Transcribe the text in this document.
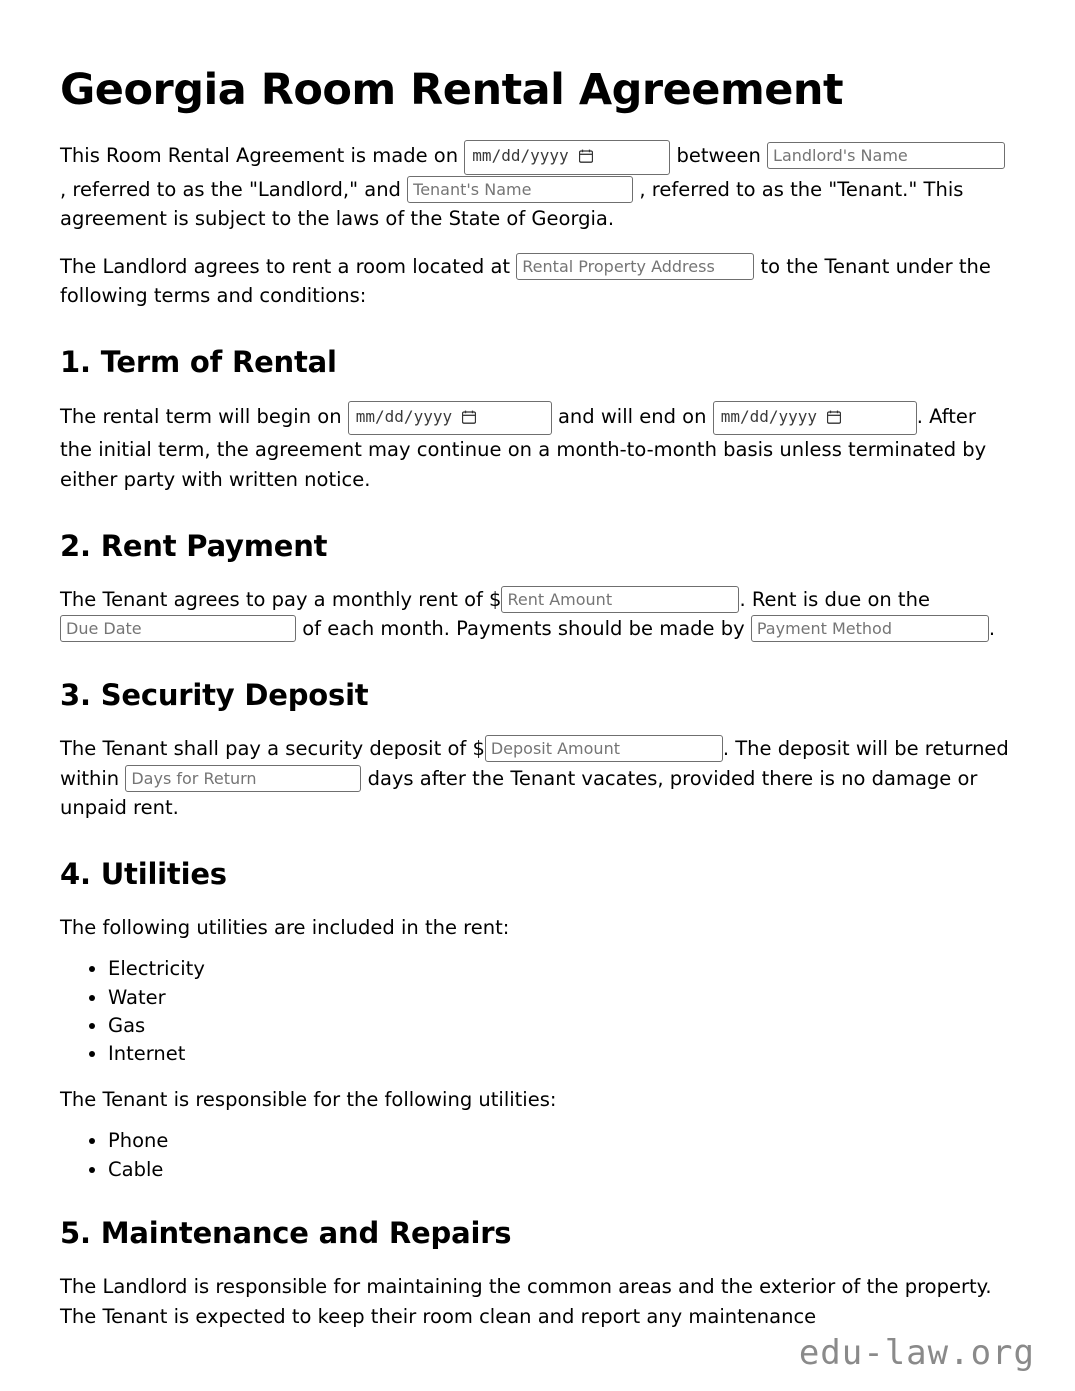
Georgia Room Rental Agreement

This Room Rental Agreement is made on mm/dd/yyyy	between Landlord's Name , referred to as the "Landlord," and Tenant's Name	, referred to as the "Tenant." This agreement is subject to the laws of the State of Georgia.

The Landlord agrees to rent a room located at Rental Property Address	to the Tenant under the following terms and conditions:

1. Term of Rental

The rental term will begin on mm/dd/yyyy	and will end on mm/dd/yyyy	. After the initial term, the agreement may continue on a month-to-month basis unless terminated by either party with written notice.

2. Rent Payment

The Tenant agrees to pay a monthly rent of $Rent Amount	. Rent is due on the Due Date of each month. Payments should be made by Payment Method	.

3. Security Deposit

The Tenant shall pay a security deposit of $Deposit Amount	. The deposit will be returned within Days for Return	days after the Tenant vacates, provided there is no damage or unpaid rent.

4. Utilities

The following utilities are included in the rent:

• Electricity
• Water
• Gas
• Internet

The Tenant is responsible for the following utilities:

• Phone
• Cable
5. Maintenance and Repairs

The Landlord is responsible for maintaining the common areas and the exterior of the property. The Tenant is expected to keep their room clean and report any maintenance

edu-law.org
